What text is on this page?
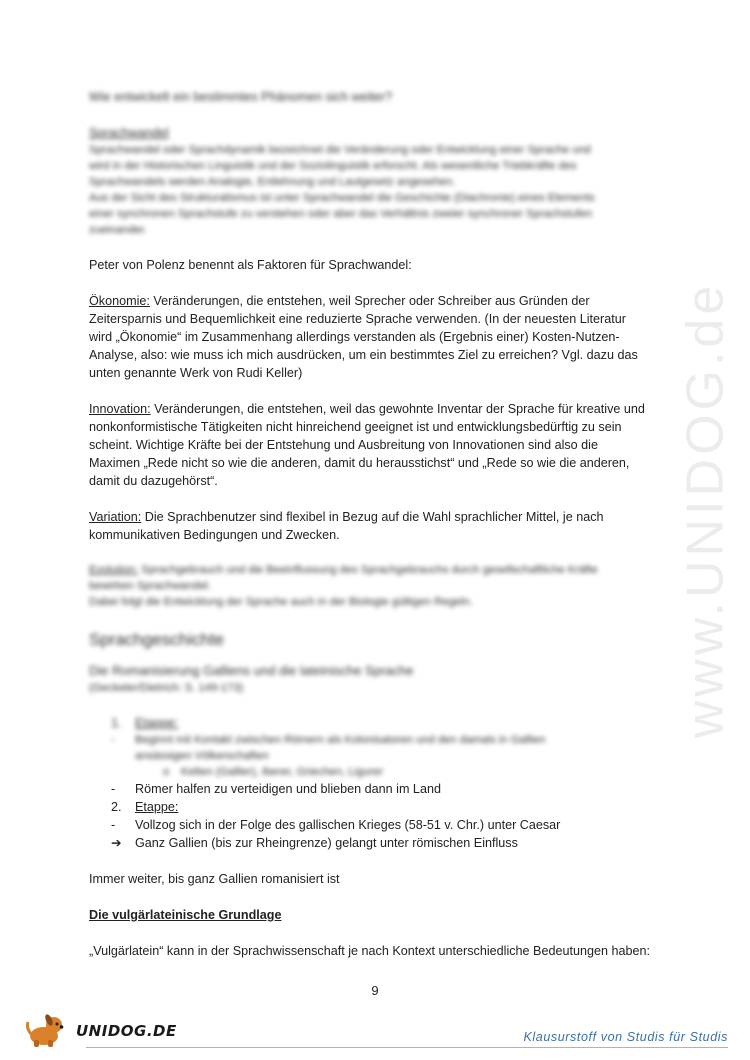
Wie entwickelt ein bestimmtes Phänomen sich weiter?

Sprachwandel

Sprachwandel oder Sprachdynamik bezeichnet die Veränderung oder Entwicklung einer Sprache und

wird in der Historischen Linguistik und der Soziolinguistik erforscht. Als wesentliche Triebkräfte des

Sprachwandels werden Analogie, Entlehnung und Lautgesetz angesehen.

Aus der Sicht des Strukturalismus ist unter Sprachwandel die Geschichte (Diachronie) eines Elements

einer synchronen Sprachstufe zu verstehen oder aber das Verhältnis zweier synchroner Sprachstufen

zueinander.

Peter von Polenz benennt als Faktoren für Sprachwandel:

Ökonomie: Veränderungen, die entstehen, weil Sprecher oder Schreiber aus Gründen der

Zeitersparnis und Bequemlichkeit eine reduzierte Sprache verwenden. (In der neuesten Literatur

wird „Ökonomie“ im Zusammenhang allerdings verstanden als (Ergebnis einer) Kosten-Nutzen-

Analyse, also: wie muss ich mich ausdrücken, um ein bestimmtes Ziel zu erreichen? Vgl. dazu das

unten genannte Werk von Rudi Keller)

Innovation: Veränderungen, die entstehen, weil das gewohnte Inventar der Sprache für kreative und

nonkonformistische Tätigkeiten nicht hinreichend geeignet ist und entwicklungsbedürftig zu sein

scheint. Wichtige Kräfte bei der Entstehung und Ausbreitung von Innovationen sind also die

Maximen „Rede nicht so wie die anderen, damit du herausstichst“ und „Rede so wie die anderen,

damit du dazugehörst“.

Variation: Die Sprachbenutzer sind flexibel in Bezug auf die Wahl sprachlicher Mittel, je nach

kommunikativen Bedingungen und Zwecken.

Evolution: Sprachgebrauch und die Beeinflussung des Sprachgebrauchs durch gesellschaftliche Kräfte

bewirken Sprachwandel.

Dabei folgt die Entwicklung der Sprache auch in der Biologie gültigen Regeln.

Sprachgeschichte
Die Romanisierung Galliens und die lateinische Sprache

(Geckeler/Dietrich: S. 149-173)

1.	Etappe:
-	Beginnt mit Kontakt zwischen Römern als Kolonisatoren und den damals in Gallien
ansässigen Völkerschaften
o	Kelten (Gallier), Iberer, Griechen, Ligurer
-	Römer halfen zu verteidigen und blieben dann im Land
2.	Etappe:
-	Vollzog sich in der Folge des gallischen Krieges (58-51 v. Chr.) unter Caesar
➔	Ganz Gallien (bis zur Rheingrenze) gelangt unter römischen Einfluss

Immer weiter, bis ganz Gallien romanisiert ist

Die vulgärlateinische Grundlage

„Vulgärlatein“ kann in der Sprachwissenschaft je nach Kontext unterschiedliche Bedeutungen haben:

9
www.UNIDOG.de
UNIDOG.DE	Klausurstoff von Studis für Studis
